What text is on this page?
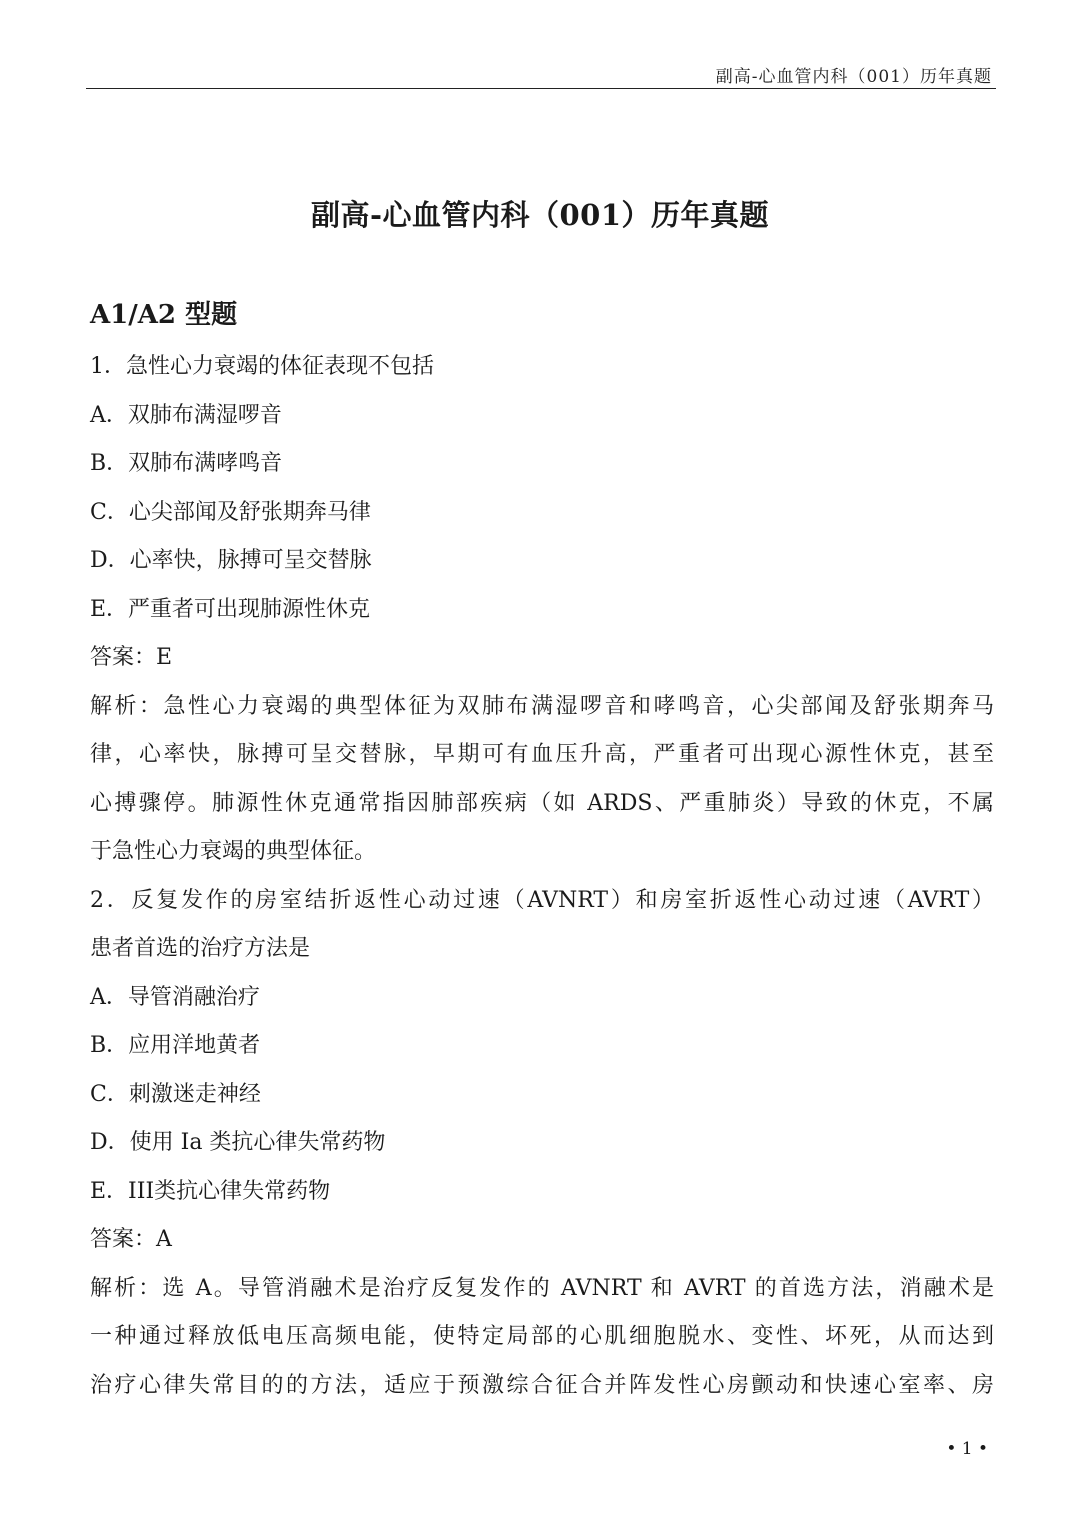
副高-心血管内科（001）历年真题
副高-心血管内科（001）历年真题
A1/A2 型题
1．急性心力衰竭的体征表现不包括
A．双肺布满湿啰音
B．双肺布满哮鸣音
C．心尖部闻及舒张期奔马律
D．心率快，脉搏可呈交替脉
E．严重者可出现肺源性休克
答案：E
解析：急性心力衰竭的典型体征为双肺布满湿啰音和哮鸣音，心尖部闻及舒张期奔马
律，心率快，脉搏可呈交替脉，早期可有血压升高，严重者可出现心源性休克，甚至
心搏骤停。肺源性休克通常指因肺部疾病（如 ARDS、严重肺炎）导致的休克，不属
于急性心力衰竭的典型体征。
2．反复发作的房室结折返性心动过速（AVNRT）和房室折返性心动过速（AVRT）
患者首选的治疗方法是
A．导管消融治疗
B．应用洋地黄者
C．刺激迷走神经
D．使用 Ia 类抗心律失常药物
E．III类抗心律失常药物
答案：A
解析：选 A。导管消融术是治疗反复发作的 AVNRT 和 AVRT 的首选方法，消融术是
一种通过释放低电压高频电能，使特定局部的心肌细胞脱水、变性、坏死，从而达到
治疗心律失常目的的方法，适应于预激综合征合并阵发性心房颤动和快速心室率、房
• 1 •
